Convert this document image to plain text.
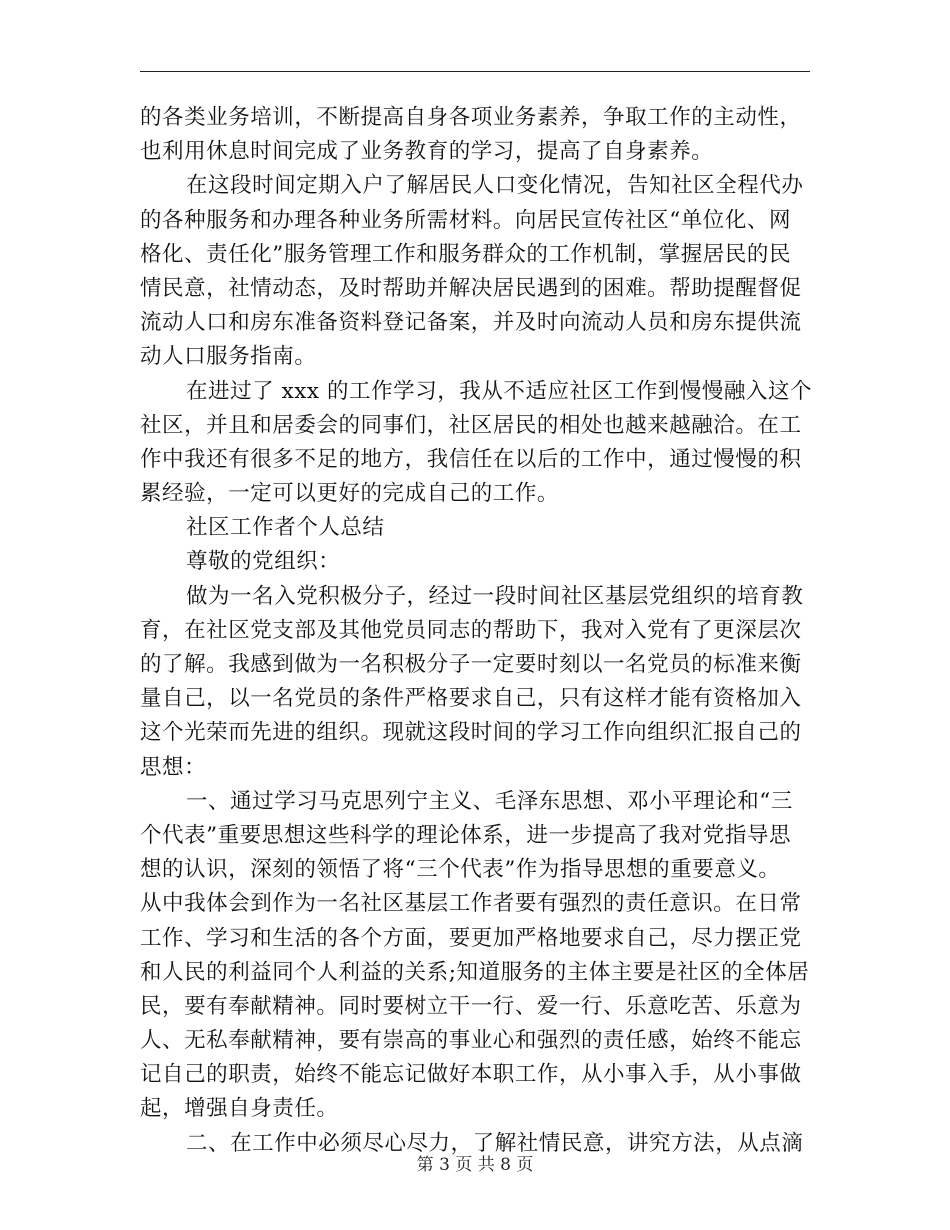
的各类业务培训，不断提高自身各项业务素养，争取工作的主动性，
也利用休息时间完成了业务教育的学习，提高了自身素养。
在这段时间定期入户了解居民人口变化情况，告知社区全程代办
的各种服务和办理各种业务所需材料。向居民宣传社区“单位化、网
格化、责任化”服务管理工作和服务群众的工作机制，掌握居民的民
情民意，社情动态，及时帮助并解决居民遇到的困难。帮助提醒督促
流动人口和房东准备资料登记备案，并及时向流动人员和房东提供流
动人口服务指南。
在进过了 xxx 的工作学习，我从不适应社区工作到慢慢融入这个
社区，并且和居委会的同事们，社区居民的相处也越来越融洽。在工
作中我还有很多不足的地方，我信任在以后的工作中，通过慢慢的积
累经验，一定可以更好的完成自己的工作。
社区工作者个人总结
尊敬的党组织：
做为一名入党积极分子，经过一段时间社区基层党组织的培育教
育，在社区党支部及其他党员同志的帮助下，我对入党有了更深层次
的了解。我感到做为一名积极分子一定要时刻以一名党员的标准来衡
量自己，以一名党员的条件严格要求自己，只有这样才能有资格加入
这个光荣而先进的组织。现就这段时间的学习工作向组织汇报自己的
思想：
一、通过学习马克思列宁主义、毛泽东思想、邓小平理论和“三
个代表”重要思想这些科学的理论体系，进一步提高了我对党指导思
想的认识，深刻的领悟了将“三个代表”作为指导思想的重要意义。
从中我体会到作为一名社区基层工作者要有强烈的责任意识。在日常
工作、学习和生活的各个方面，要更加严格地要求自己，尽力摆正党
和人民的利益同个人利益的关系;知道服务的主体主要是社区的全体居
民，要有奉献精神。同时要树立干一行、爱一行、乐意吃苦、乐意为
人、无私奉献精神，要有崇高的事业心和强烈的责任感，始终不能忘
记自己的职责，始终不能忘记做好本职工作，从小事入手，从小事做
起，增强自身责任。
二、在工作中必须尽心尽力，了解社情民意，讲究方法，从点滴
第 3 页 共 8 页
